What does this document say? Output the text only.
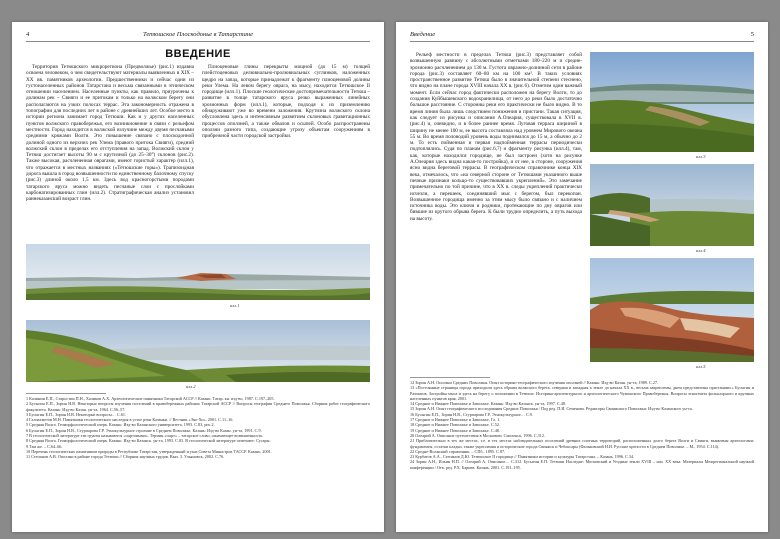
4	Тетюшское Плоскодонье в Татарстане
ВВЕДЕНИЕ

Территория Тетюшского микрорегиона (Предволжье) (рис.1) издавна освоена человеком, о чем свидетельствуют материалы выявленных в XIX – XX вв. памятников археологии. Предшественники и сейчас одни из густонаселенных районов Татарстана и весьма связанными в этническом отношении населением. Населенные пункты, как правило, приурочены к долинам рек – Свияги и ее притокам и только на волжском берегу они располагаются на узких полосах террас. Эта закономерность отражена в топографии для последних лет в районе с древнейших лет. Особое место в истории региона занимает город Тетюши. Как и у других населенных пунктов волжского правобережья, его возникновение в связи с рельефом местности. Город находится в волжской излучине между двумя песчаными средними кряжами Волги. Это повышение связано с плоскодонной долиной одного из верхних рек Улема (правого притока Свияги), средний волжский склон в пределах его отступления на запад. Волжский склон у Тетюш достигает высоты 90 м с крутизной (до 25–30°) склонов (рис.2). Также высокая, расчлененная оврагами, имеют гористый характер (илл.1), что отражается в местных названиях («Тетюшские горы»). Трапизоидная дорога вышла в город возвышенности по единственному балочному спуску (рис.3) длиной около 1,5 км. Здесь вод красногорстыми породами татарского яруса можно видеть песчаные слои с прослойками карбонатизированных глин (илл.2). Стратиграфическая анализ установил раннеказанский возраст глин.

Плиоценовые глины перекрыты мощной (до 15 м) толщей плейстоценовых делювиально-пролювиальных суглинков, наложенных щедро на запад, которые принадлежат к фрагменту плиоценовой долины реки Улема. На левом берегу оврага, на мысу, находится Тетюшское II городище (илл.1). Плоские геологические достопримечательности Тетюш – развитие в толще татарского яруса резко выраженных линейных эрозионных форм (илл.1), которые, подходя к их приземлению обнаруживают уже во времени заложения. Крутизна волжского склона обусловлена здесь и интенсивным развитием склоновых гравитационных процессов оползней, а также обвалов и осыпей. Особо распространены оползни разного типа, создающие угрозу объектам сооружениям в прибрежной части городской застройки.

илл.1
илл.2
1 Калинин Е.П., Старостин П.Н., Халиков А.Х. Археологические памятники Татарской АССР // Казань: Татар. кн. изд-во, 1987. С.197–205.
2 Бусыгин Е.П., Зорин Н.В. Некоторые вопросы изучения поселений в правобережных районах Татарской АССР // Вопросы географии Среднего Поволжья. Сборник работ географического факультета. Казань: Изд-во Казан. ун-та, 1964. С.56–57.
3 Бусыгин Е.П., Зорин Н.В. Некоторые вопросы… С.61.
4 Галиахметов М.Н. Памятники геологического наследия в устье реки Казанки. // Вестник «Эко-Хо», 2001. С.11–16.
5 Средняя Волга. Геоморфологический очерк. Казань: Изд-во Казанского университета, 1993. С.83, рис.2.
6 Бусыгин Е.П., Зорин Н.В., Стурпарова Г.Р. Этнокультурное строение в Среднем Поволжье. Казань: Изд-во Казан. ун-та, 1991. С.9.
7 В геологической литературе эти грунты называются «сыртовыми». Термин «сырт» – татарское слово, означающее возвышенность.
8 Средняя Волга. Геоморфологический очерк. Казань: Изд-во Казанск. ун-та, 1993. С.83. В геологической литературе отмечают: Сусары.
9 Там же. – С.64–66.
10 Перечень геологических памятников природы в Республике Татарстан, утвержденный и указ Совета Министров ТАССР. Казань, 2001.
11 Степанов А.В. Оползни в районе города Тетюши // Сборник научных трудов. Вып. 3. Ульяновск, 2002. С.76.
Введение	5

Рельеф местности в пределах Тетюш (рис.3) представляет собой возвышенную равнину с абсолютными отметками 180–220 м и средне-эрозионно расчленением до 130 м. Густота овражно-долинной сети в районе города (рис.3) составляет 60–80 км на 100 км². В таких условиях пространственное развитие Тетюш было в значительной степени стеснено, что видно на плане города XVIII начала XX в. (рис.6). Отметим один важный момент. Если сейчас город фактически расположен на берегу Волги, то до создания Куйбышевского водохранилища, от него до реки было достаточно большое расстояние. С сторонны реки его практически не было видно. В то время линия была лишь следствием понижения и пристани. Такая ситуация, как следует из рисунка и описания А.Олеария, существовала в XVII в. (рис.4) и, очевидно, и в более раннее время. Луговая терраса шириной в ширину не менее 100 м, ее высота составляла над уровнем Мирового океана 55 м. Во время половодий уровень воды поднимался до 15 м, а обычно до 2 м. То есть пойменная и первая надпойменная террасы периодически подтоплялись. Судя по планам (рис.6,7) и фрагменту рисунка (илл.4), там, как, которые находился городище, не был застроен (хотя на рисунке А.Олеария здесь видна какая-то постройка), и от нее, в стороне, сооружения ясно видна береговой террасы. В географическом справочнике конца XIX века, отмечалось, что «на северной стороне от Тетюшами указанного выше печные признаки кольцо-то существовавших укреплений». Это замечание примечательно по той причине, что в XX в. следы укреплений практически исчезли, а перешеек, соединявший мыс с берегом, был перекопан. Возвышенное городища именно за этим мысу было связано и с наличием источника воды. Это ключи и родники, протекающие по дну оврагов или бившие из крутого обрыва берега. К были трудно определить, а путь выхода на высоту.

илл.3
илл.4
илл.5
12 Зорин А.Н. Оползни Средних Поволжья. Опыт историко-географического изучения оползней // Казань: Изд-во Казан. ун-та, 1989. С.27.
13 «Постоянные страницы города приходили здесь обрыва волжского берега, северная и западная к земле до начала XX в., весьма закреплены, днем представлены пристанями.» Бусыгин и Рахматов, Застройка мыса и здесь на берегу о положении в Тетюше: Историко-архитектурного и археологического Чувашского Правобережья. Вопросы этногенеза фольклорного и крупных населенных пунктов края, 2001.
14 Средние и Нижнее Поволжье и Заволжье. Казань: Изд-во Казанск. ун-та, 1997. С.48.
15 Зорин А.Н. Опыт географического исследования Средних Поволжья / Под ред. П.И. Семенова. Редакторы Свияжского Поволжья: Изд-во Казанского ун-та.
16 Бусыгин Е.П., Зорин Н.В., Стурпарова Г.Р. Этнокультурное… С.9.
17 Средние и Нижнее Поволжье и Заволжье. Гл. 1.
18 Средние и Нижнее Поволжье и Заволжье. С.52.
19 Средние и Нижнее Поволжье и Заволжье. С.48.
20 Олеарий А. Описание путешествия в Московию. Смоленск, 1996. С.312.
21 Приблизительно в тех же местах, т.е. в тех местах наблюдательных поселений древних плотных территорий, расположенных долго берега Волги и Свияги, выявлены археологами: фундаменты, остатки кладки, также укрепления и исторические города Свияжск и Чебоксары (Фальковский Н.И. Русские крепости в Среднем Поволжье. – М., 1954. С.114).
22 Средне-Волжский справочник. – СПб., 1895. С.87.
23 Курбатов А.А., Степанов Д.Ю. Тетюшское II городище // Памятники истории и культуры Татарстана. – Казань, 1996. С.34.
24 Зорин А.Н., Ильин Н.П. // Олеарий А. Описание… С.312. Бусыгин Е.П. Тетюши Наследие: Московский и Уездные земли ХVIII – нач. ХХ века. Материалы Межрегиональной научной конференции / Отв. ред. Р.Х. Бариев. Казань, 2001. С.191–195.
